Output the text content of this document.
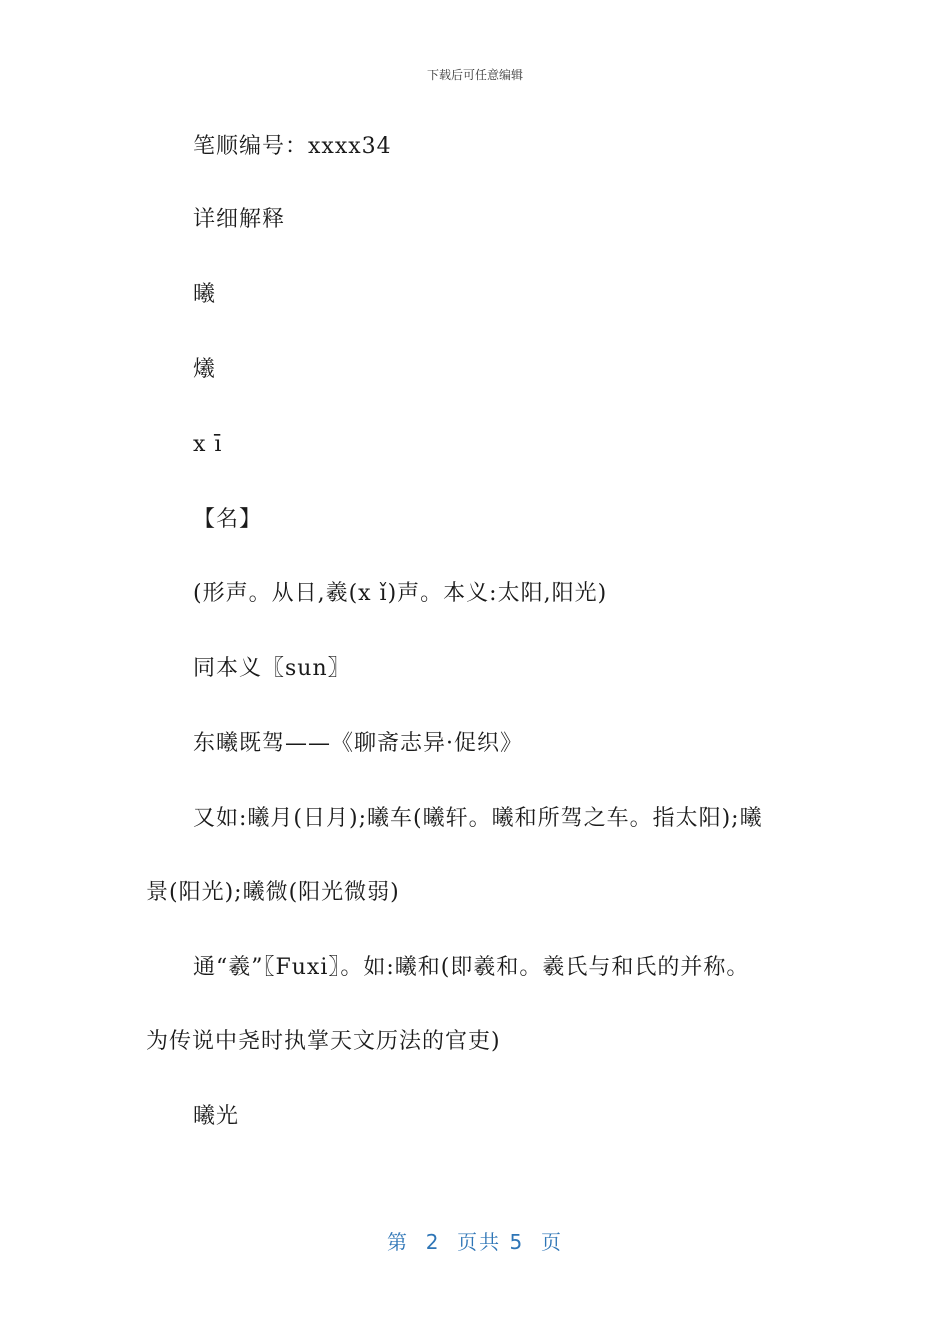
下载后可任意编辑
笔顺编号：xxxx34
详细解释
曦
爔
x ī
【名】
(形声。从日,羲(x ǐ)声。本义:太阳,阳光)
同本义〖sun〗
东曦既驾——《聊斋志异·促织》
又如:曦月(日月);曦车(曦轩。曦和所驾之车。指太阳);曦
景(阳光);曦微(阳光微弱)
通“羲”〖Fuxi〗。如:曦和(即羲和。羲氏与和氏的并称。
为传说中尧时执掌天文历法的官吏)
曦光
第  2  页共 5  页
